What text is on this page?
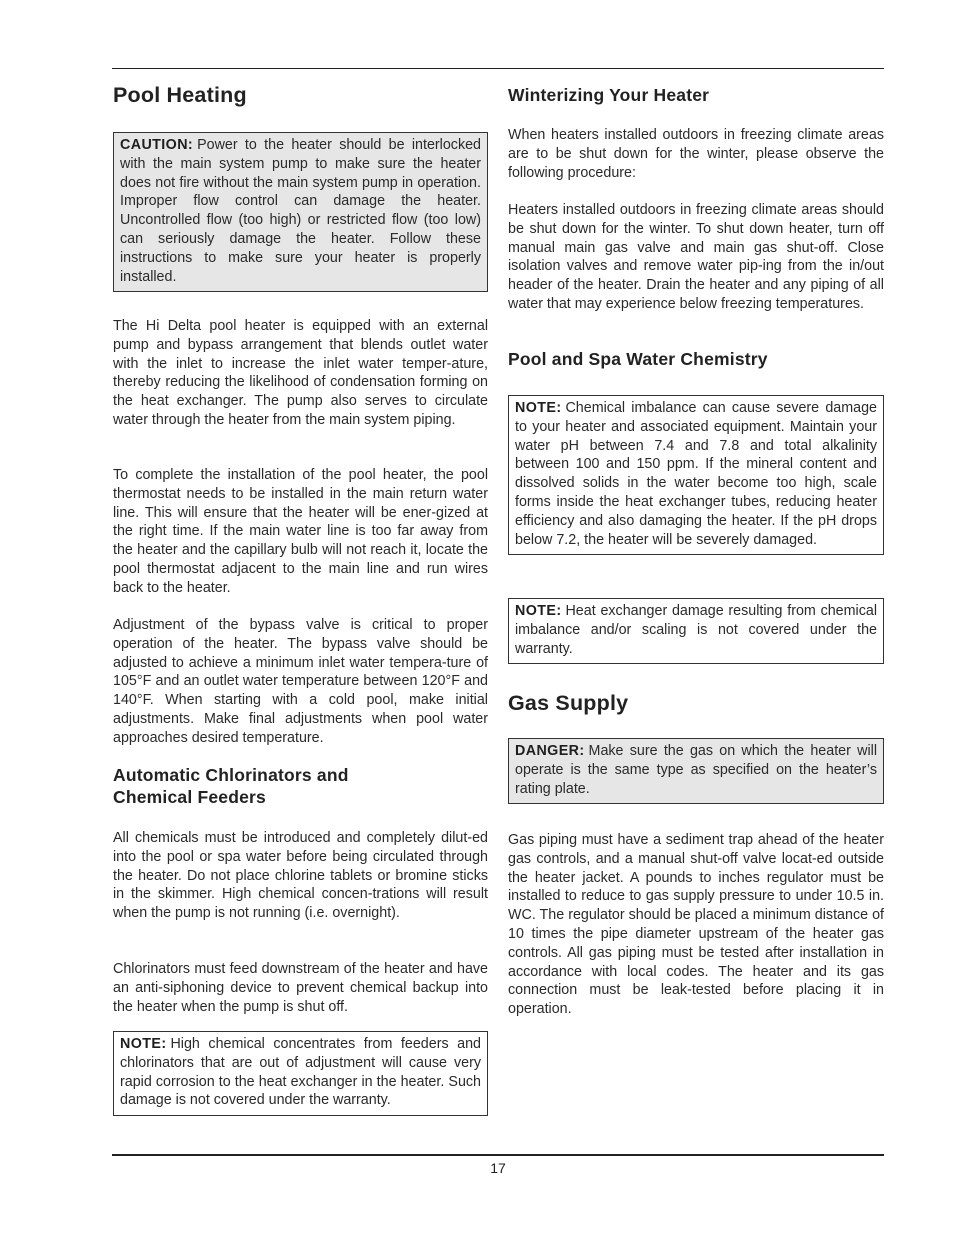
Pool Heating
CAUTION: Power to the heater should be interlocked with the main system pump to make sure the heater does not fire without the main system pump in operation. Improper flow control can damage the heater. Uncontrolled flow (too high) or restricted flow (too low) can seriously damage the heater. Follow these instructions to make sure your heater is properly installed.

The Hi Delta pool heater is equipped with an external pump and bypass arrangement that blends outlet water with the inlet to increase the inlet water temper-ature, thereby reducing the likelihood of condensation forming on the heat exchanger. The pump also serves to circulate water through the heater from the main system piping.

To complete the installation of the pool heater, the pool thermostat needs to be installed in the main return water line. This will ensure that the heater will be ener-gized at the right time. If the main water line is too far away from the heater and the capillary bulb will not reach it, locate the pool thermostat adjacent to the main line and run wires back to the heater.

Adjustment of the bypass valve is critical to proper operation of the heater. The bypass valve should be adjusted to achieve a minimum inlet water tempera-ture of 105°F and an outlet water temperature between 120°F and 140°F. When starting with a cold pool, make initial adjustments. Make final adjustments when pool water approaches desired temperature.

Automatic Chlorinators and
Chemical Feeders

All chemicals must be introduced and completely dilut-ed into the pool or spa water before being circulated through the heater. Do not place chlorine tablets or bromine sticks in the skimmer. High chemical concen-trations will result when the pump is not running (i.e. overnight).

Chlorinators must feed downstream of the heater and have an anti-siphoning device to prevent chemical backup into the heater when the pump is shut off.

NOTE: High chemical concentrates from feeders and chlorinators that are out of adjustment will cause very rapid corrosion to the heat exchanger in the heater. Such damage is not covered under the warranty.
Winterizing Your Heater

When heaters installed outdoors in freezing climate areas are to be shut down for the winter, please observe the following procedure:

Heaters installed outdoors in freezing climate areas should be shut down for the winter. To shut down heater, turn off manual main gas valve and main gas shut-off. Close isolation valves and remove water pip-ing from the in/out header of the heater. Drain the heater and any piping of all water that may experience below freezing temperatures.

Pool and Spa Water Chemistry
NOTE: Chemical imbalance can cause severe damage to your heater and associated equipment. Maintain your water pH between 7.4 and 7.8 and total alkalinity between 100 and 150 ppm. If the mineral content and dissolved solids in the water become too high, scale forms inside the heat exchanger tubes, reducing heater efficiency and also damaging the heater. If the pH drops below 7.2, the heater will be severely damaged.
NOTE: Heat exchanger damage resulting from chemical imbalance and/or scaling is not covered under the warranty.
Gas Supply
DANGER: Make sure the gas on which the heater will operate is the same type as specified on the heater’s rating plate.

Gas piping must have a sediment trap ahead of the heater gas controls, and a manual shut-off valve locat-ed outside the heater jacket. A pounds to inches regulator must be installed to reduce to gas supply pressure to under 10.5 in. WC. The regulator should be placed a minimum distance of 10 times the pipe diameter upstream of the heater gas controls. All gas piping must be tested after installation in accordance with local codes. The heater and its gas connection must be leak-tested before placing it in operation.

17
